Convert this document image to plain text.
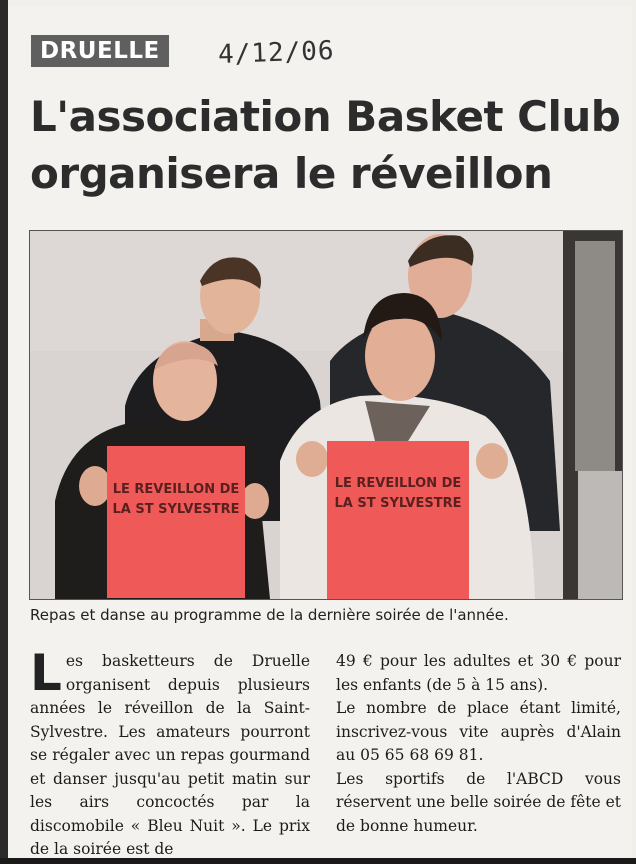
DRUELLE	4/12/06
L'association Basket Club organisera le réveillon
LE REVEILLON DE
LA ST SYLVESTRE
LE REVEILLON DE
LA ST SYLVESTRE

Repas et danse au programme de la dernière soirée de l'année.

Les basketteurs de Druelle organisent depuis plusieurs années le réveillon de la Saint-Sylvestre. Les amateurs pourront se régaler avec un repas gourmand et danser jusqu'au petit matin sur les airs concoctés par la discomobile « Bleu Nuit ». Le prix de la soirée est de

49 € pour les adultes et 30 € pour les enfants (de 5 à 15 ans).

Le nombre de place étant limité, inscrivez-vous vite auprès d'Alain au 05 65 68 69 81.

Les sportifs de l'ABCD vous réservent une belle soirée de fête et de bonne humeur.
